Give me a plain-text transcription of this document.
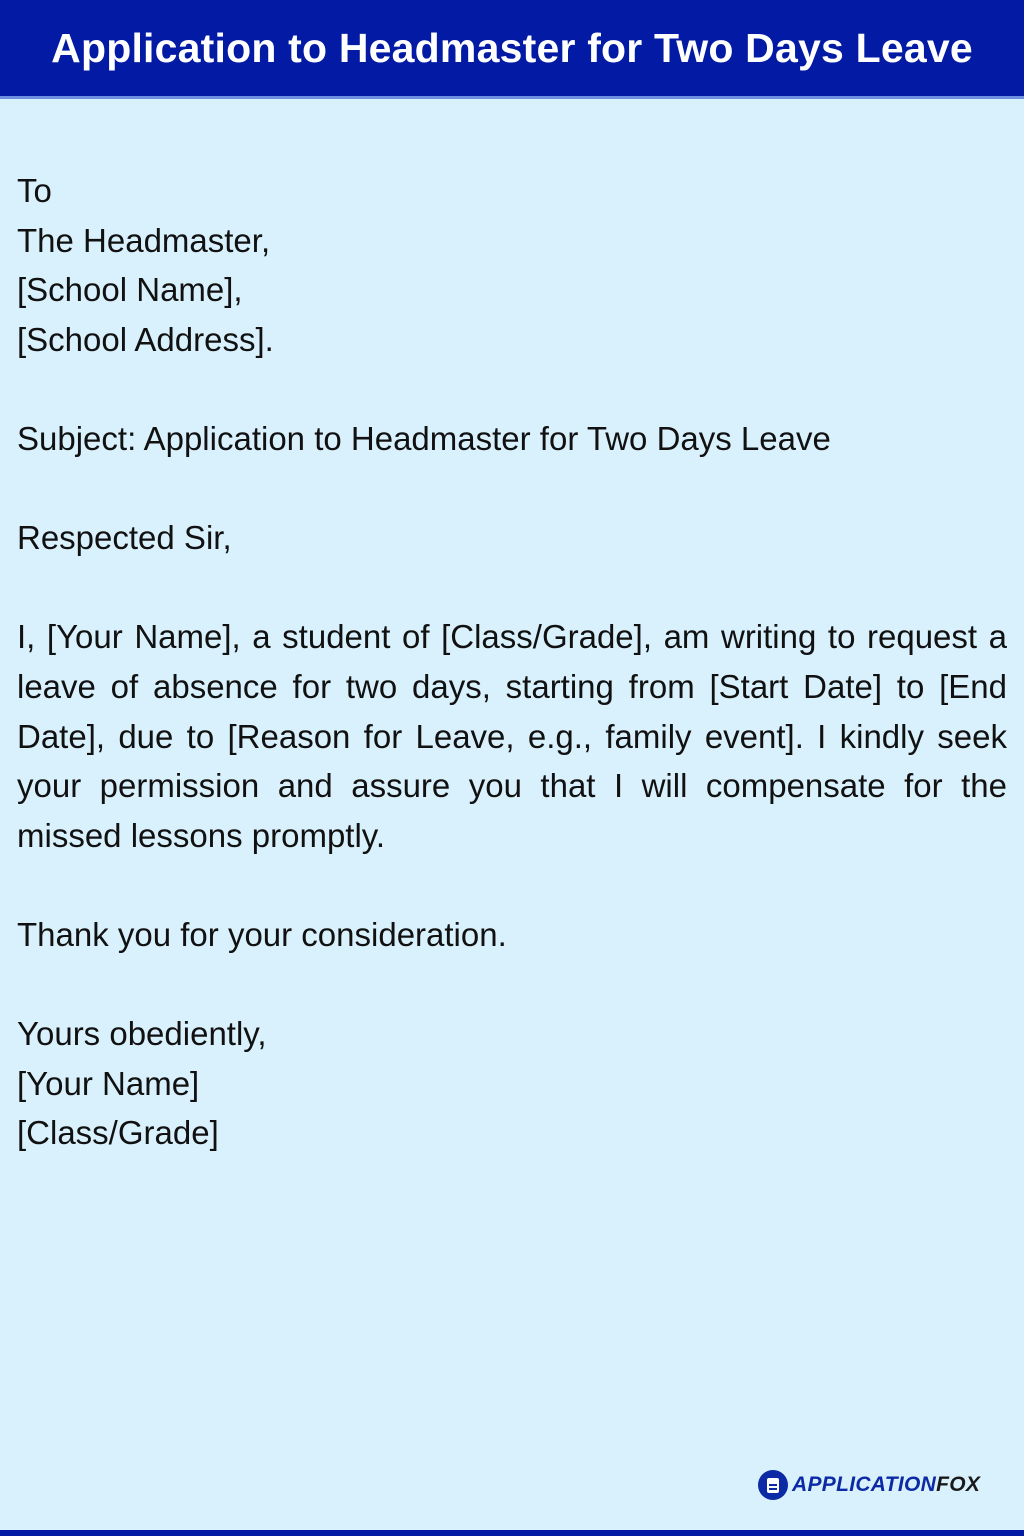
Application to Headmaster for Two Days Leave
To
The Headmaster,
[School Name],
[School Address].
Subject: Application to Headmaster for Two Days Leave
Respected Sir,
I, [Your Name], a student of [Class/Grade], am writing to request a leave of absence for two days, starting from [Start Date] to [End Date], due to [Reason for Leave, e.g., family event]. I kindly seek your permission and assure you that I will compensate for the missed lessons promptly.
Thank you for your consideration.
Yours obediently,
[Your Name]
[Class/Grade]
APPLICATIONFOX
